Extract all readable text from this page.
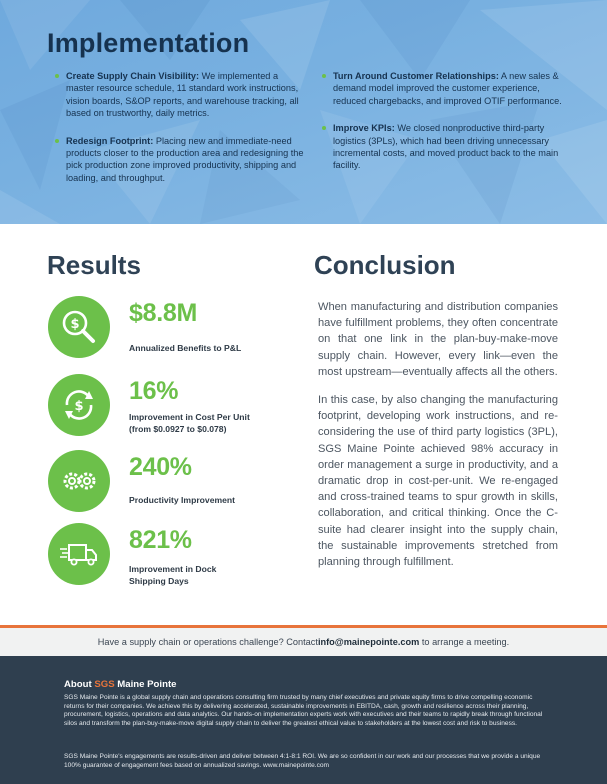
Implementation
Create Supply Chain Visibility: We implemented a master resource schedule, 11 standard work instructions, vision boards, S&OP reports, and warehouse tracking, all based on trustworthy, daily metrics.
Redesign Footprint: Placing new and immediate-need products closer to the production area and redesigning the pick production zone improved productivity, shipping and loading, and throughput.
Turn Around Customer Relationships: A new sales & demand model improved the customer experience, reduced chargebacks, and improved OTIF performance.
Improve KPIs: We closed nonproductive third-party logistics (3PLs), which had been driving unnecessary incremental costs, and moved product back to the main facility.
Results
$ $8.8M
Annualized Benefits to P&L
$
16%
Improvement in Cost Per Unit
(from $0.0927 to $0.078)
240%
Productivity Improvement
821%
Improvement in Dock
Shipping Days
Conclusion

When manufacturing and distribution companies have fulfillment problems, they often concentrate on that one link in the plan-buy-make-move supply chain. However, every link—even the most upstream—eventually affects all the others.

In this case, by also changing the manufacturing footprint, developing work instructions, and re-considering the use of third party logistics (3PL), SGS Maine Pointe achieved 98% accuracy in order management a surge in productivity, and a dramatic drop in cost-per-unit. We re-engaged and cross-trained teams to spur growth in skills, collaboration, and critical thinking. Once the C-suite had clearer insight into the supply chain, the sustainable improvements stretched from planning through fulfillment.

Have a supply chain or operations challenge? Contact info@mainepointe.com to arrange a meeting.
About SGS Maine Pointe

SGS Maine Pointe is a global supply chain and operations consulting firm trusted by many chief executives and private equity firms to drive compelling economic returns for their companies. We achieve this by delivering accelerated, sustainable improvements in EBITDA, cash, growth and resilience across their planning, procurement, logistics, operations and data analytics. Our hands-on implementation experts work with executives and their teams to rapidly break through functional silos and transform the plan-buy-make-move digital supply chain to deliver the greatest ethical value to stakeholders at the lowest cost and risk to business.

SGS Maine Pointe's engagements are results-driven and deliver between 4:1-8:1 ROI. We are so confident in our work and our processes that we provide a unique 100% guarantee of engagement fees based on annualized savings. www.mainepointe.com
